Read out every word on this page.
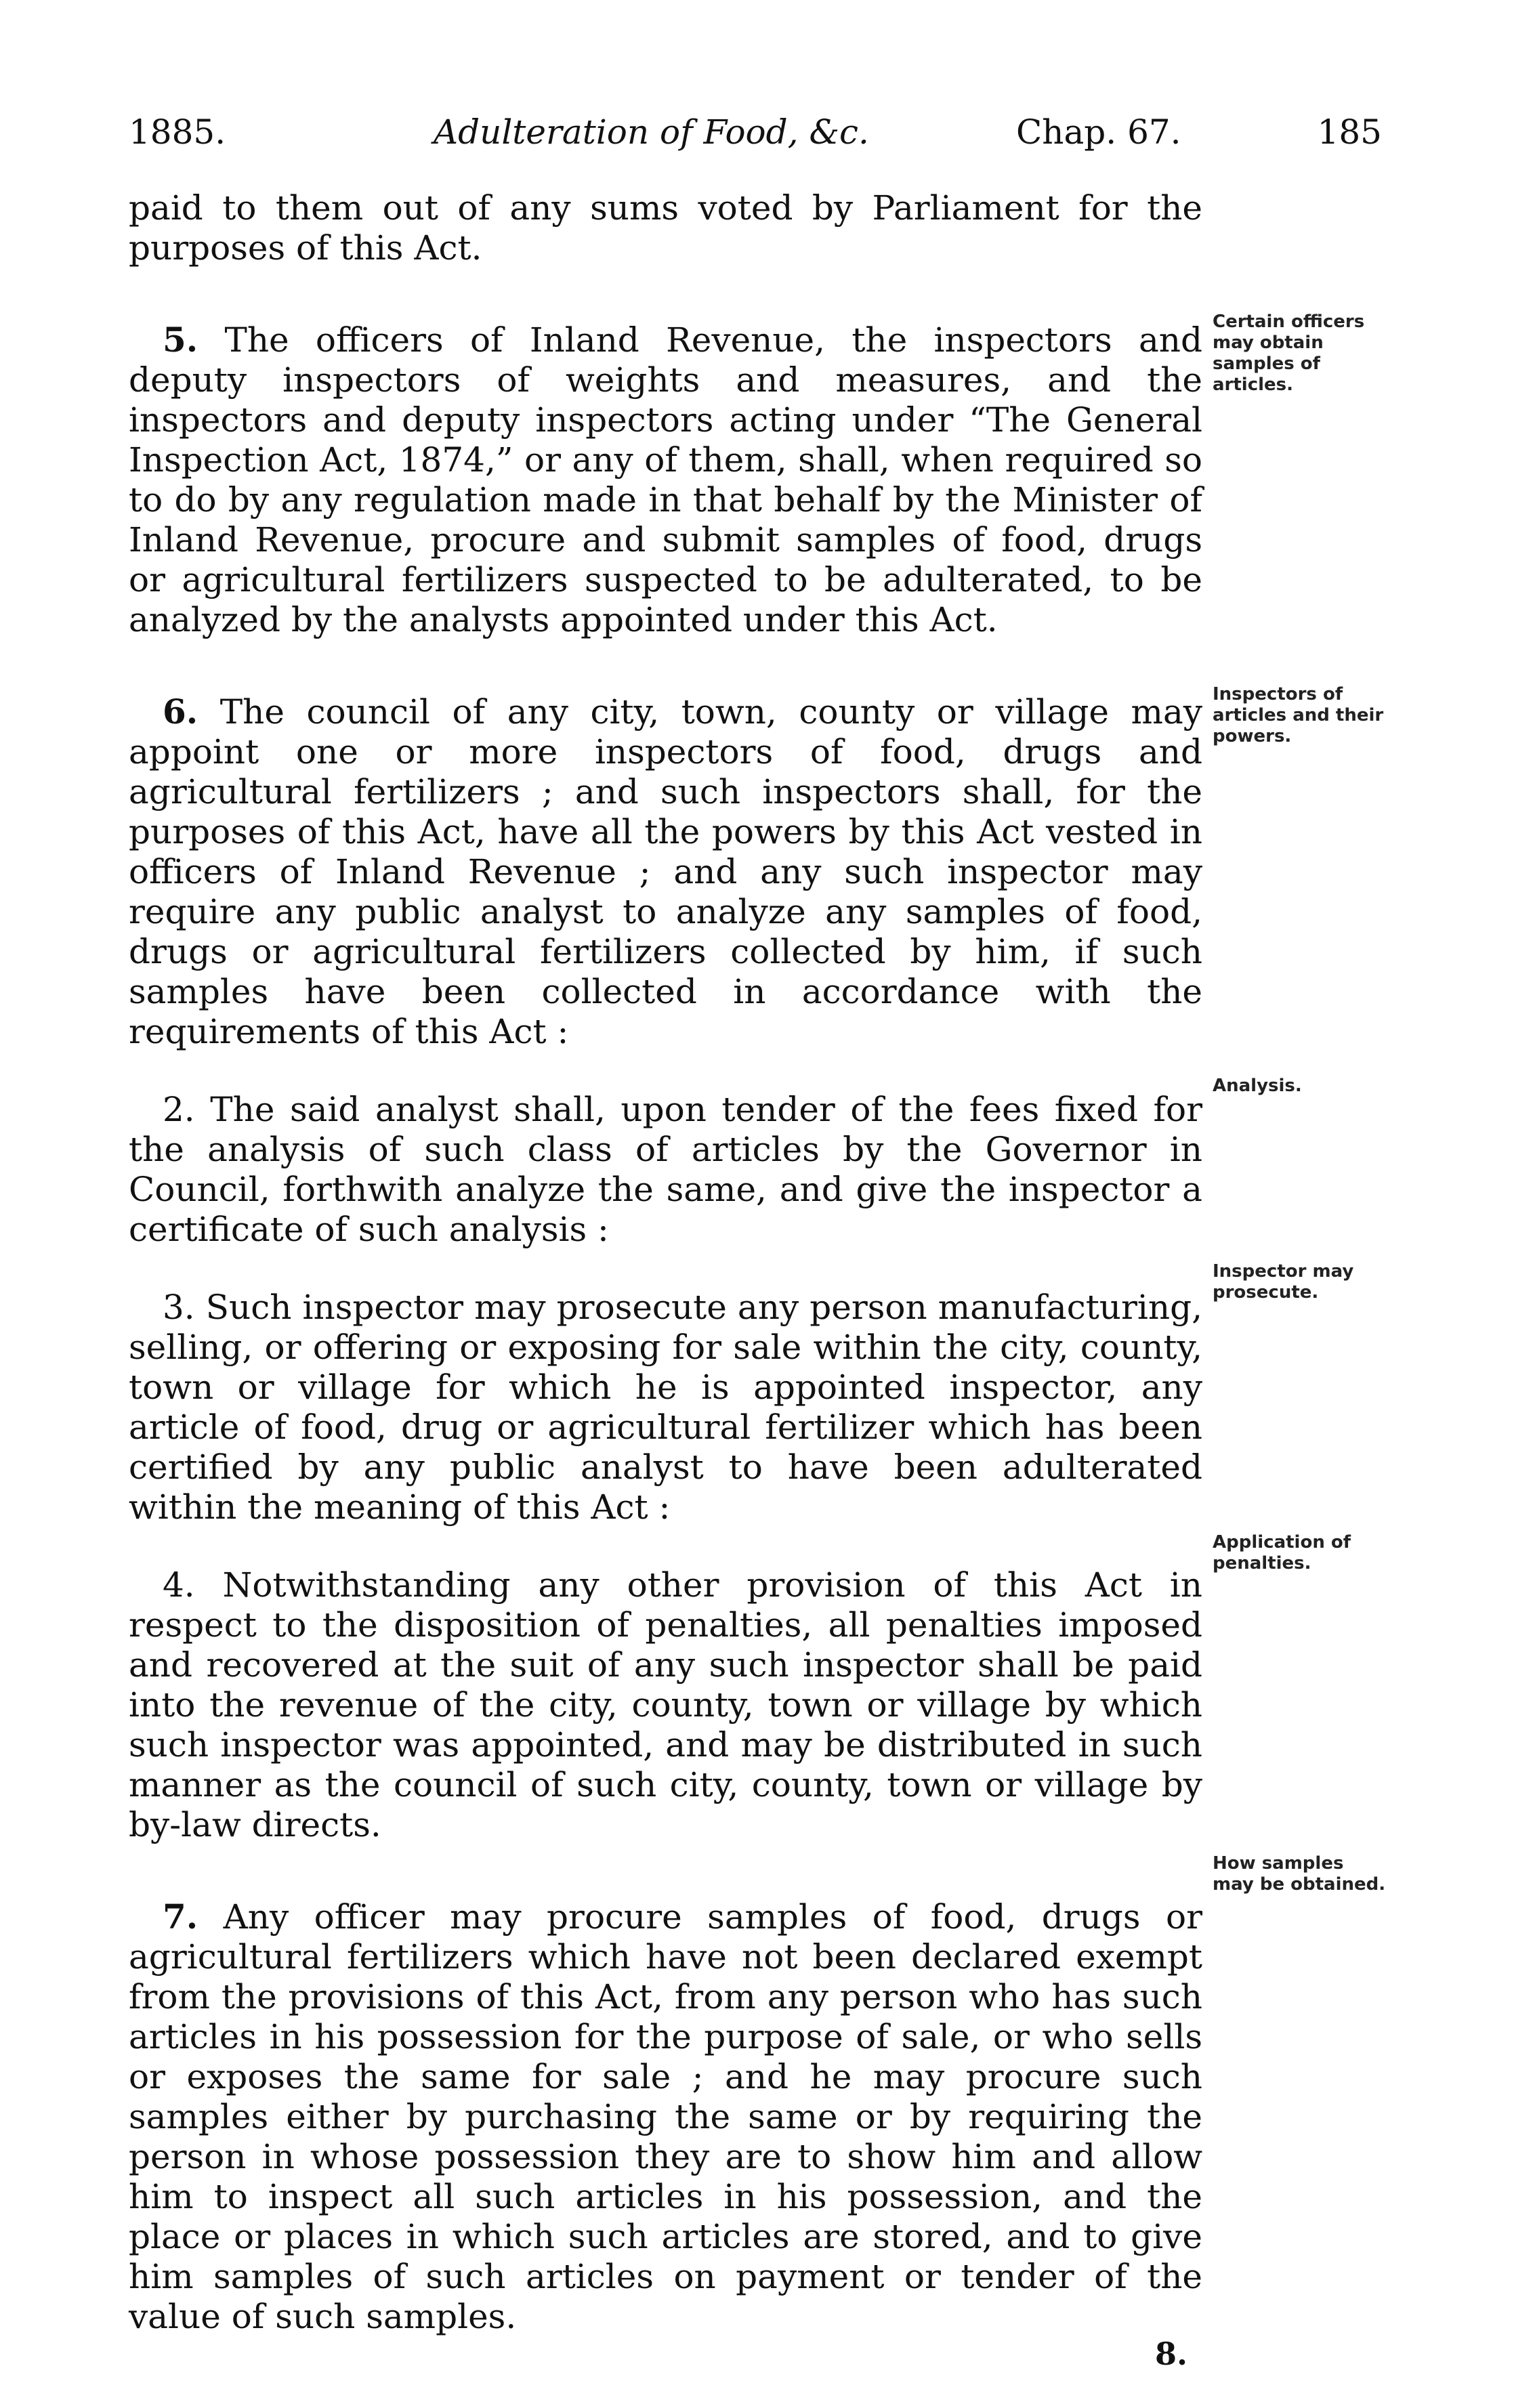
1885.	Adulteration of Food, &c.	Chap. 67.	185

paid to them out of any sums voted by Parliament for the purposes of this Act.

5. The officers of Inland Revenue, the inspectors and deputy inspectors of weights and measures, and the inspectors and deputy inspectors acting under “The General Inspection Act, 1874,” or any of them, shall, when required so to do by any regulation made in that behalf by the Minister of Inland Revenue, procure and submit samples of food, drugs or agricultural fertilizers suspected to be adulterated, to be analyzed by the analysts appointed under this Act.

6. The council of any city, town, county or village may appoint one or more inspectors of food, drugs and agricultural fertilizers ; and such inspectors shall, for the purposes of this Act, have all the powers by this Act vested in officers of Inland Revenue ; and any such inspector may require any public analyst to analyze any samples of food, drugs or agricultural fertilizers collected by him, if such samples have been collected in accordance with the requirements of this Act :

2. The said analyst shall, upon tender of the fees fixed for the analysis of such class of articles by the Governor in Council, forthwith analyze the same, and give the inspector a certificate of such analysis :

3. Such inspector may prosecute any person manufacturing, selling, or offering or exposing for sale within the city, county, town or village for which he is appointed inspector, any article of food, drug or agricultural fertilizer which has been certified by any public analyst to have been adulterated within the meaning of this Act :

4. Notwithstanding any other provision of this Act in respect to the disposition of penalties, all penalties imposed and recovered at the suit of any such inspector shall be paid into the revenue of the city, county, town or village by which such inspector was appointed, and may be distributed in such manner as the council of such city, county, town or village by by-law directs.

7. Any officer may procure samples of food, drugs or agricultural fertilizers which have not been declared exempt from the provisions of this Act, from any person who has such articles in his possession for the purpose of sale, or who sells or exposes the same for sale ; and he may procure such samples either by purchasing the same or by requiring the person in whose possession they are to show him and allow him to inspect all such articles in his possession, and the place or places in which such articles are stored, and to give him samples of such articles on payment or tender of the value of such samples.

Certain officers may obtain samples of articles.
Inspectors of articles and their powers.
Analysis.
Inspector may prosecute.
Application of penalties.
How samples may be obtained.
8.
